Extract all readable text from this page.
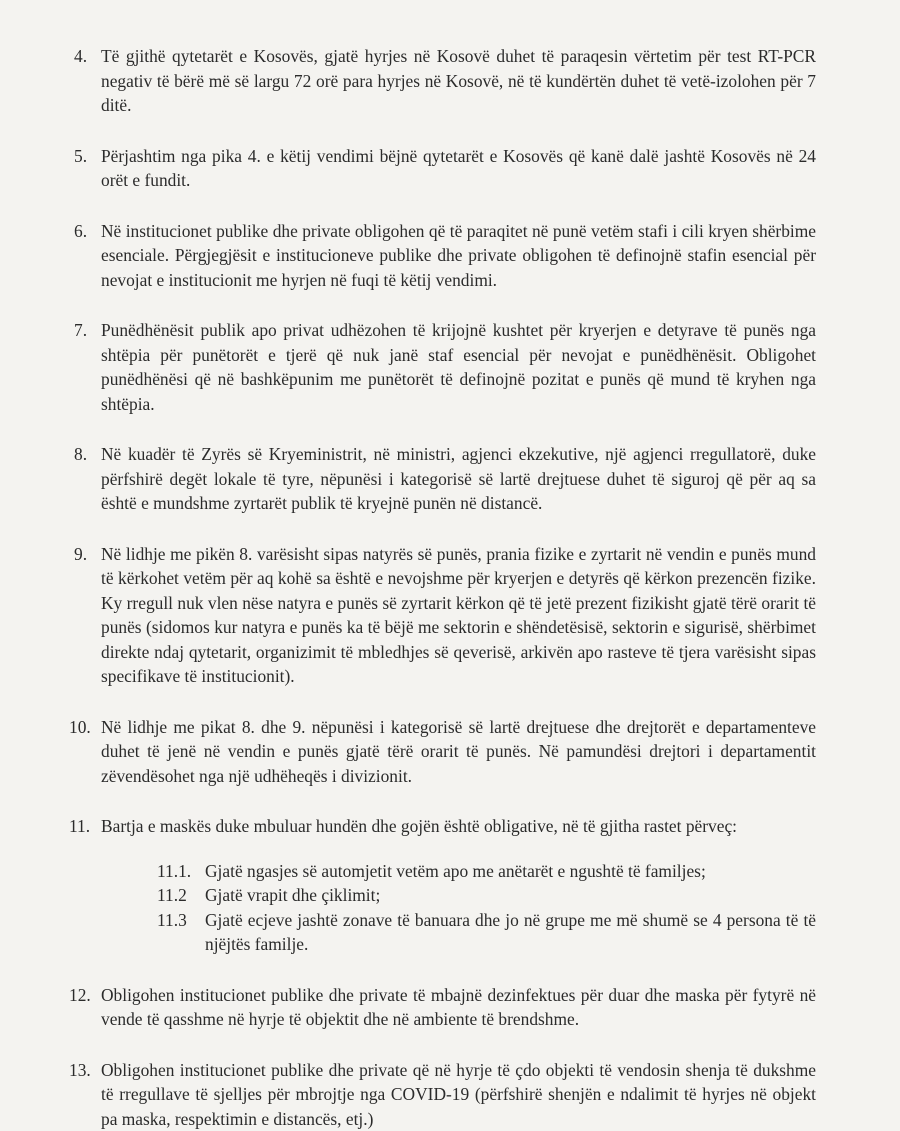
4. Të gjithë qytetarët e Kosovës, gjatë hyrjes në Kosovë duhet të paraqesin vërtetim për test RT-PCR negativ të bërë më së largu 72 orë para hyrjes në Kosovë, në të kundërtën duhet të vetë-izolohen për 7 ditë.
5. Përjashtim nga pika 4. e këtij vendimi bëjnë qytetarët e Kosovës që kanë dalë jashtë Kosovës në 24 orët e fundit.
6. Në institucionet publike dhe private obligohen që të paraqitet në punë vetëm stafi i cili kryen shërbime esenciale. Përgjegjësit e institucioneve publike dhe private obligohen të definojnë stafin esencial për nevojat e institucionit me hyrjen në fuqi të këtij vendimi.
7. Punëdhënësit publik apo privat udhëzohen të krijojnë kushtet për kryerjen e detyrave të punës nga shtëpia për punëtorët e tjerë që nuk janë staf esencial për nevojat e punëdhënësit. Obligohet punëdhënësi që në bashkëpunim me punëtorët të definojnë pozitat e punës që mund të kryhen nga shtëpia.
8. Në kuadër të Zyrës së Kryeministrit, në ministri, agjenci ekzekutive, një agjenci rregullatorë, duke përfshirë degët lokale të tyre, nëpunësi i kategorisë së lartë drejtuese duhet të siguroj që për aq sa është e mundshme zyrtarët publik të kryejnë punën në distancë.
9. Në lidhje me pikën 8. varësisht sipas natyrës së punës, prania fizike e zyrtarit në vendin e punës mund të kërkohet vetëm për aq kohë sa është e nevojshme për kryerjen e detyrës që kërkon prezencën fizike. Ky rregull nuk vlen nëse natyra e punës së zyrtarit kërkon që të jetë prezent fizikisht gjatë tërë orarit të punës (sidomos kur natyra e punës ka të bëjë me sektorin e shëndetësisë, sektorin e sigurisë, shërbimet direkte ndaj qytetarit, organizimit të mbledhjes së qeverisë, arkivën apo rasteve të tjera varësisht sipas specifikave të institucionit).
10. Në lidhje me pikat 8. dhe 9. nëpunësi i kategorisë së lartë drejtuese dhe drejtorët e departamenteve duhet të jenë në vendin e punës gjatë tërë orarit të punës. Në pamundësi drejtori i departamentit zëvendësohet nga një udhëheqës i divizionit.
11. Bartja e maskës duke mbuluar hundën dhe gojën është obligative, në të gjitha rastet përveç:
11.1. Gjatë ngasjes së automjetit vetëm apo me anëtarët e ngushtë të familjes;
11.2	Gjatë vrapit dhe çiklimit;
11.3	Gjatë ecjeve jashtë zonave të banuara dhe jo në grupe me më shumë se 4 persona të të njëjtës familje.
12. Obligohen institucionet publike dhe private të mbajnë dezinfektues për duar dhe maska për fytyrë në vende të qasshme në hyrje të objektit dhe në ambiente të brendshme.
13. Obligohen institucionet publike dhe private që në hyrje të çdo objekti të vendosin shenja të dukshme të rregullave të sjelljes për mbrojtje nga COVID-19 (përfshirë shenjën e ndalimit të hyrjes në objekt pa maska, respektimin e distancës, etj.)
